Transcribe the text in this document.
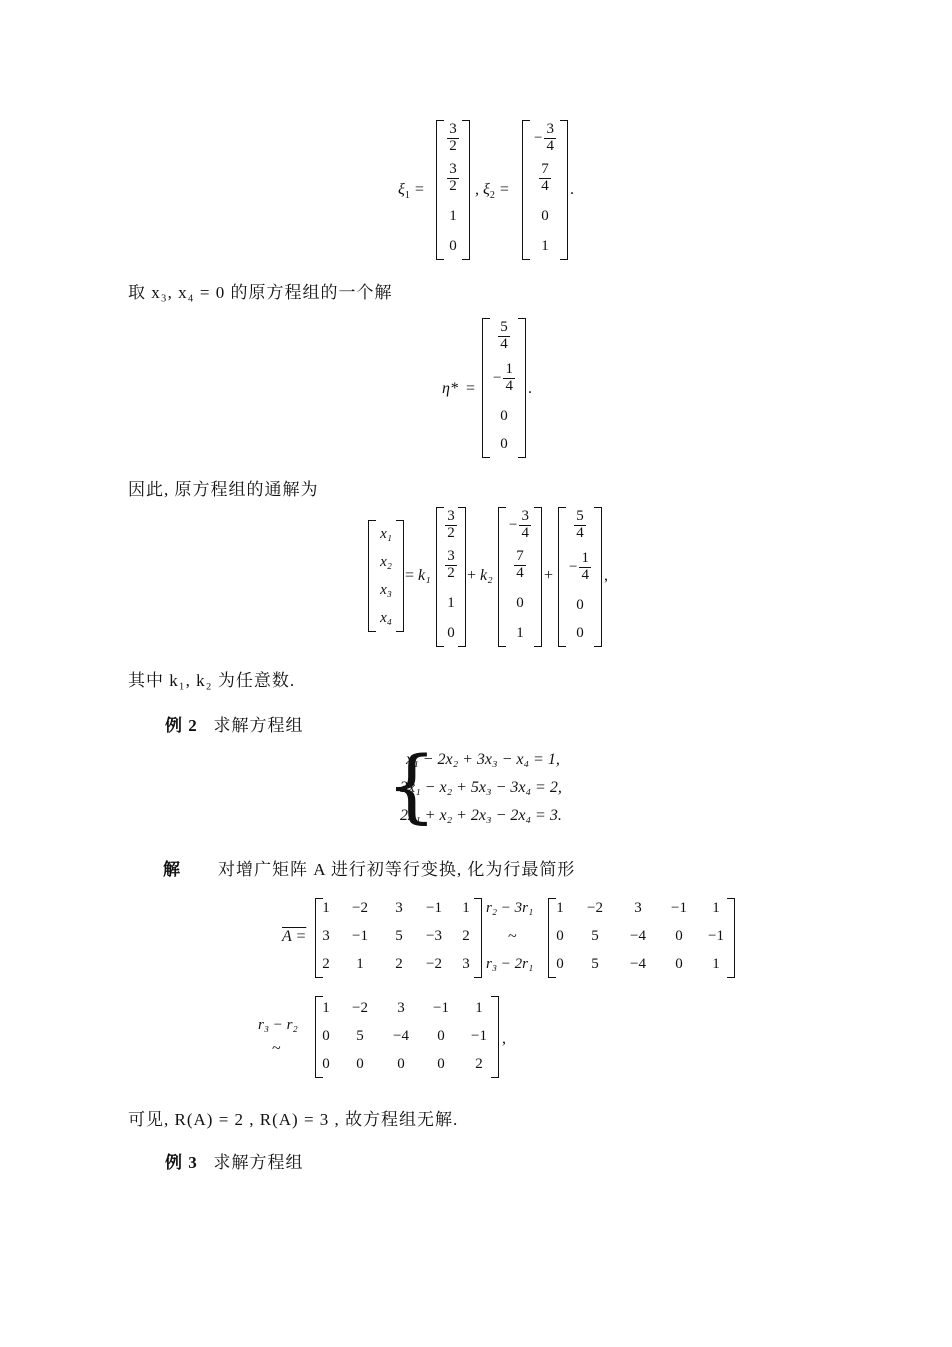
$\xi_1$ =
$\frac{3}{2}$
$\frac{3}{2}$
1
0
, $\xi_2$ =
− $\frac{3}{4}$
$\frac{7}{4}$
0
1
.
取 x₃, x₄ = 0 的原方程组的一个解
η* =
$\frac{5}{4}$
− $\frac{1}{4}$
0
0
.
因此, 原方程组的通解为
x₁
x₂
x₃
x₄
= k₁
$\frac{3}{2}$
$\frac{3}{2}$
1
0
+ k₂
− $\frac{3}{4}$
$\frac{7}{4}$
0
1
+
$\frac{5}{4}$
− $\frac{1}{4}$
0
0
,
其中 k₁, k₂ 为任意数.
例 2 求解方程组
{
x₁ − 2x₂ + 3x₃ − x₄ = 1,
3x₁ − x₂ + 5x₃ − 3x₄ = 2,
2x₁ + x₂ + 2x₃ − 2x₄ = 3.
解 对增广矩阵 A 进行初等行变换, 化为行最简形
A =
1	−2	3	−1	1
3	−1	5	−3	2
2	1	2	−2	3
r₂ − 3r₁
~
r₃ − 2r₁
1	−2	3	−1	1
0	5	−4	0	−1
0	5	−4	0	1
r₃ − r₂
~
1	−2	3	−1	1
0	5	−4	0	−1
0	0	0	0	2
,
可见, R(A) = 2 , R(A) = 3 , 故方程组无解.
例 3 求解方程组
